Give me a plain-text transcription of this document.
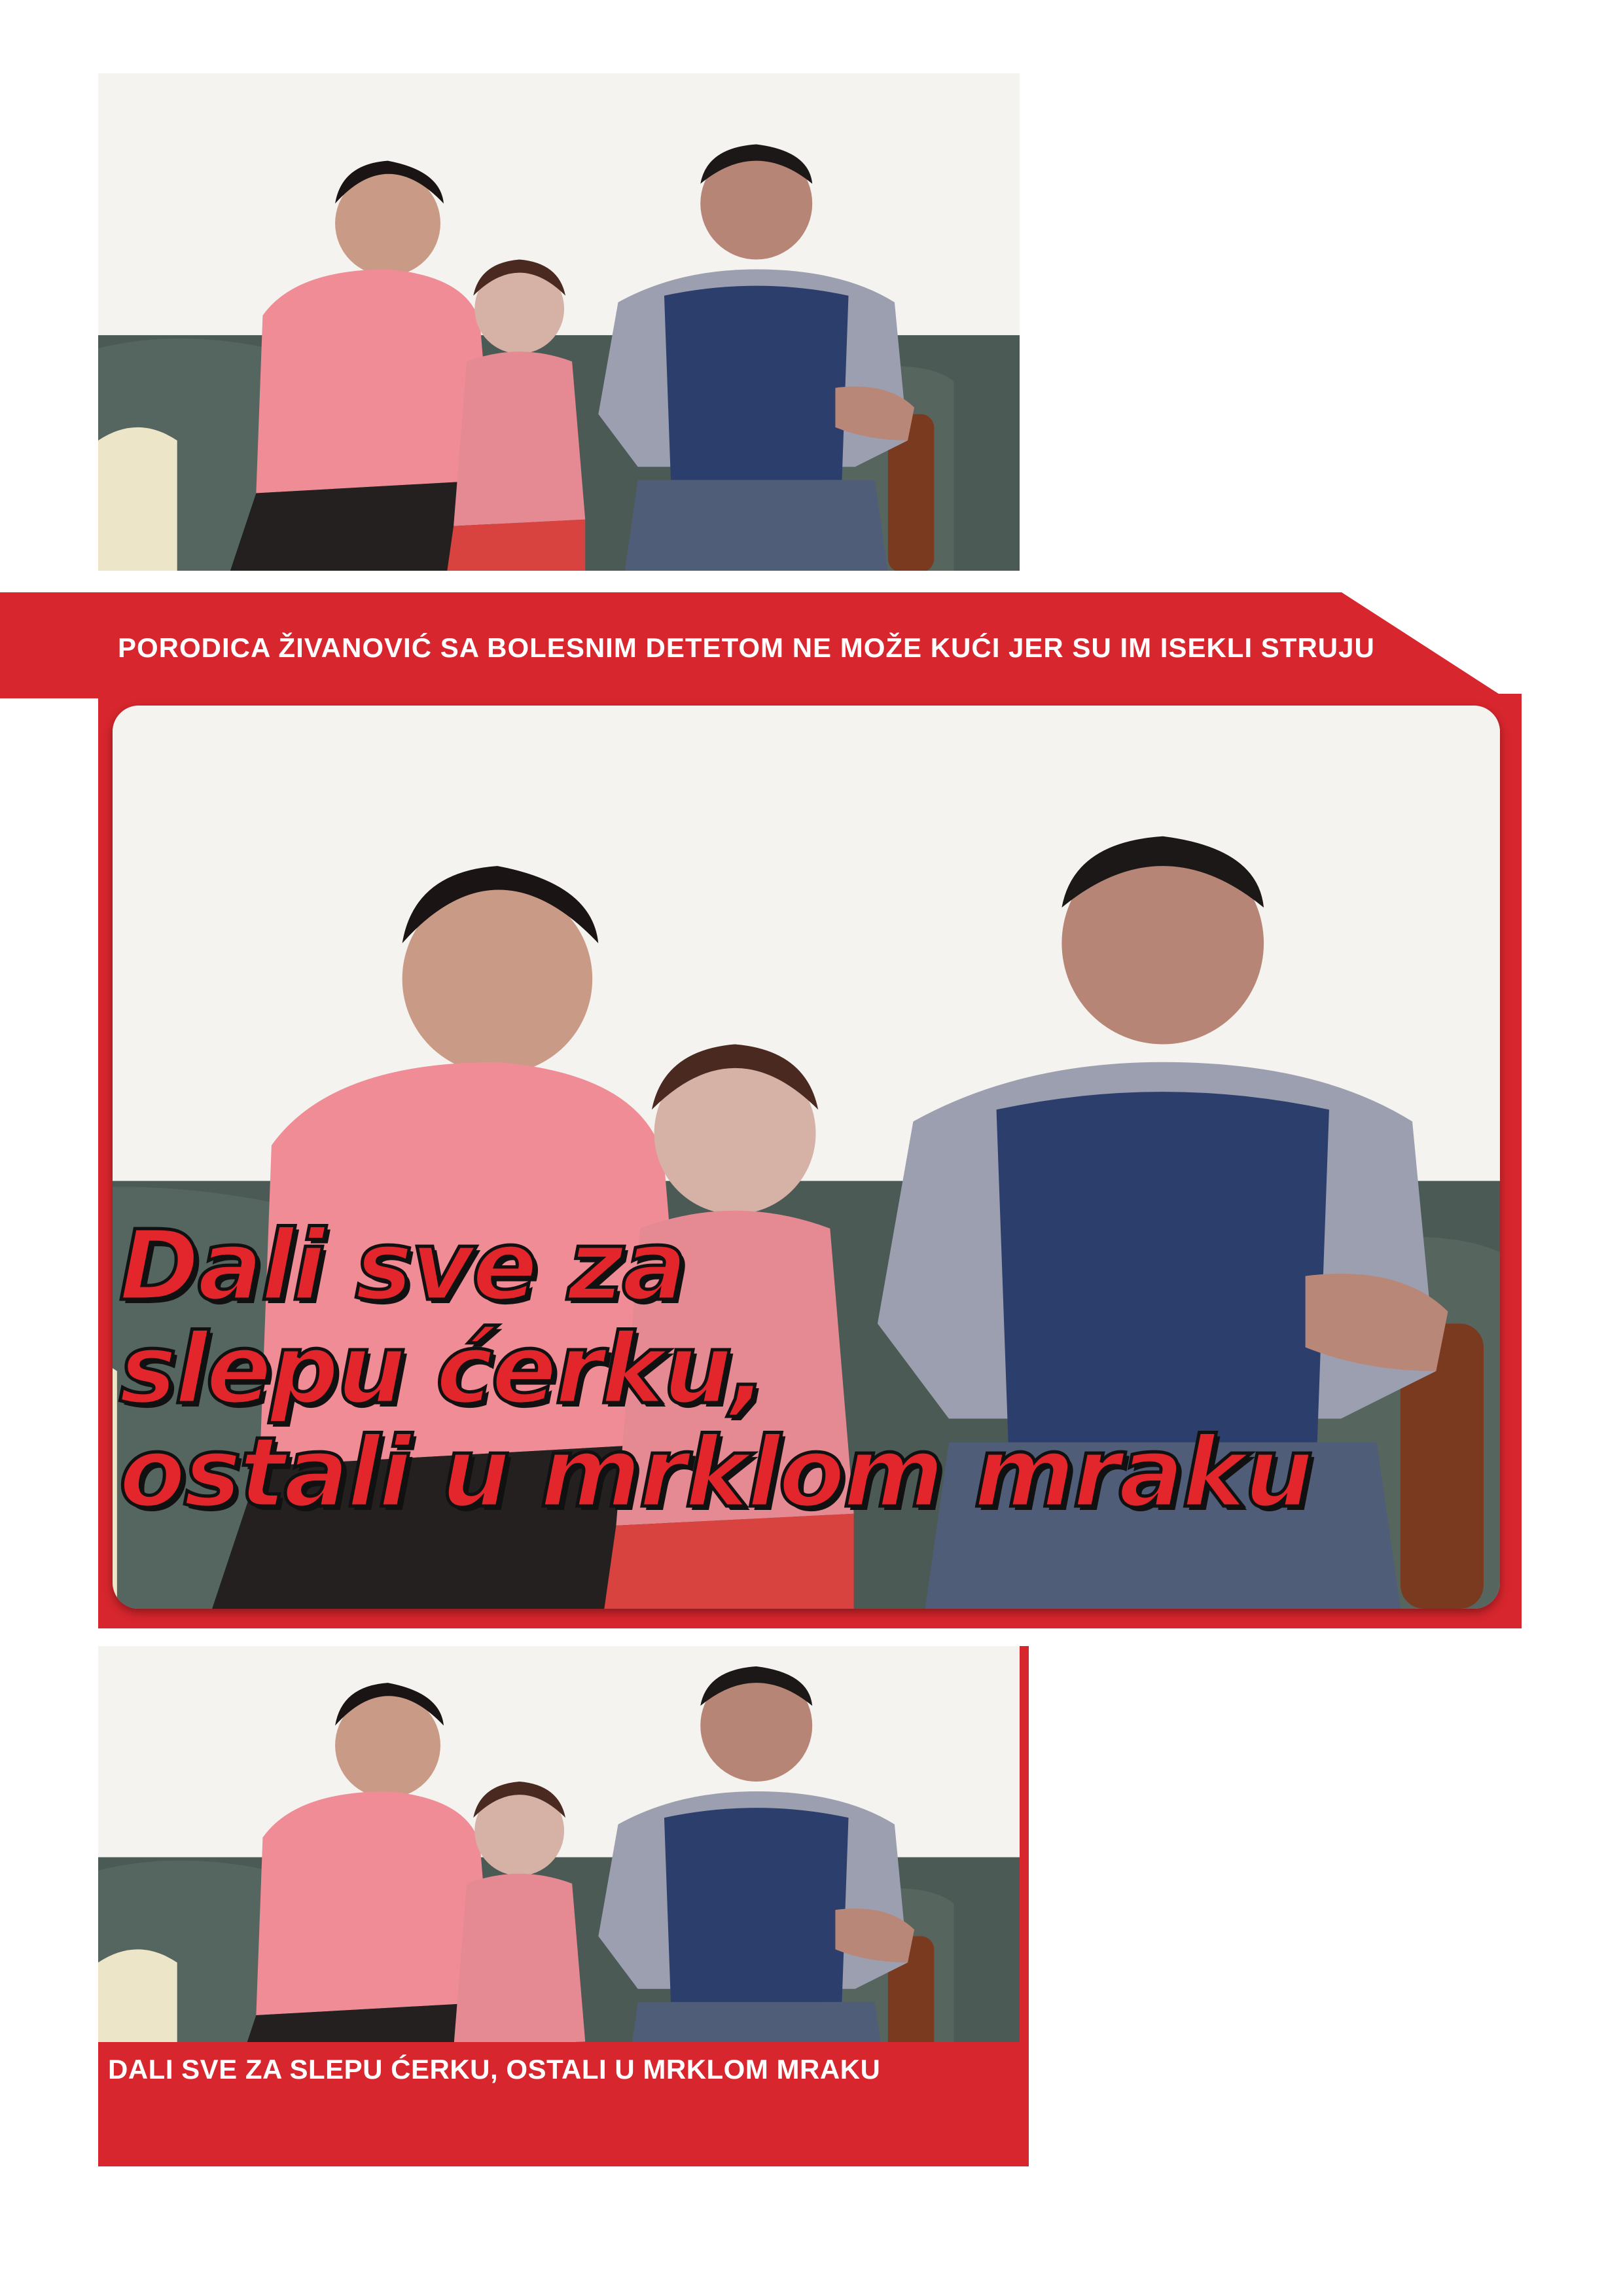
PORODICA ŽIVANOVIĆ SA BOLESNIM DETETOM NE MOŽE KUĆI JER SU IM ISEKLI STRUJU
Dali sve za
slepu ćerku,
ostali u mrklom mraku
DALI SVE ZA SLEPU ĆERKU, OSTALI U MRKLOM MRAKU
